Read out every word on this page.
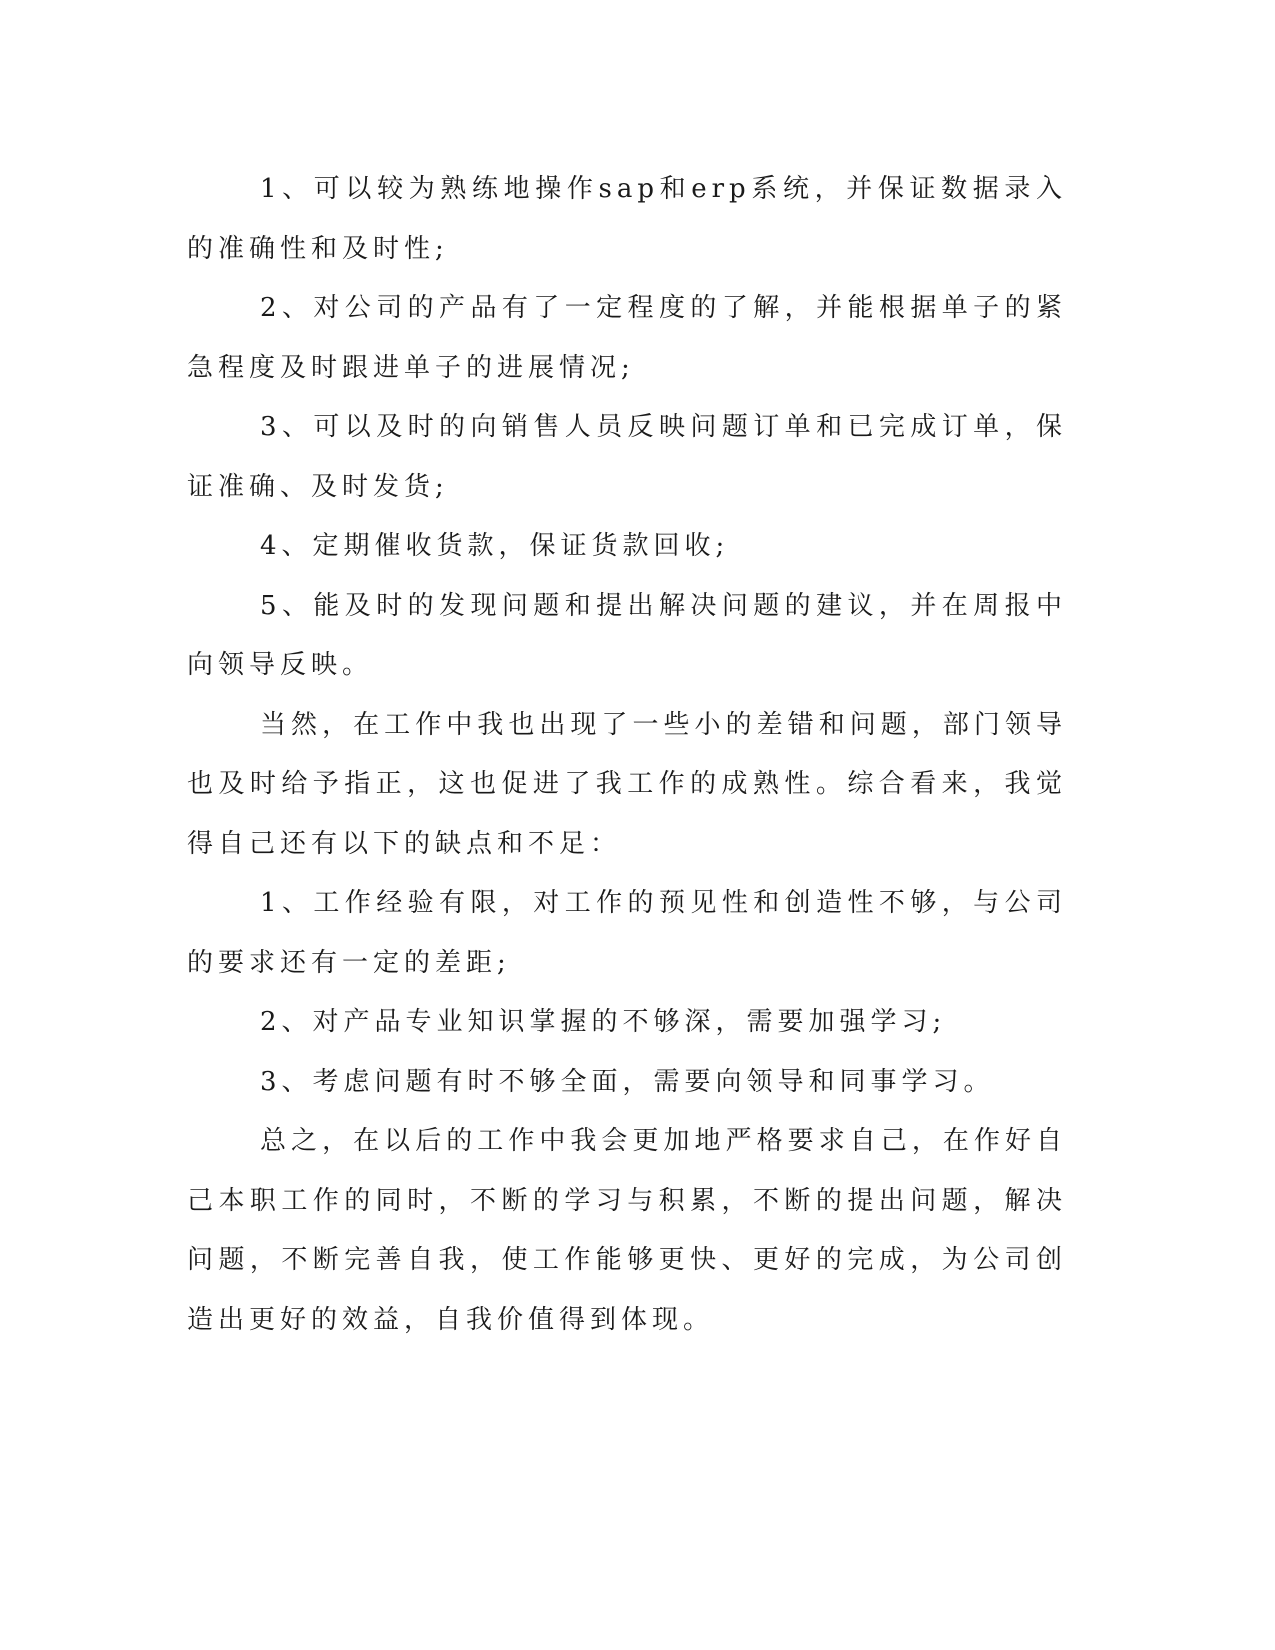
1、可以较为熟练地操作sap和erp系统，并保证数据录入的准确性和及时性;

2、对公司的产品有了一定程度的了解，并能根据单子的紧急程度及时跟进单子的进展情况;

3、可以及时的向销售人员反映问题订单和已完成订单，保证准确、及时发货;

4、定期催收货款，保证货款回收;

5、能及时的发现问题和提出解决问题的建议，并在周报中向领导反映。

当然，在工作中我也出现了一些小的差错和问题，部门领导也及时给予指正，这也促进了我工作的成熟性。综合看来，我觉得自己还有以下的缺点和不足：

1、工作经验有限，对工作的预见性和创造性不够，与公司的要求还有一定的差距;

2、对产品专业知识掌握的不够深，需要加强学习;

3、考虑问题有时不够全面，需要向领导和同事学习。

总之，在以后的工作中我会更加地严格要求自己，在作好自己本职工作的同时，不断的学习与积累，不断的提出问题，解决问题，不断完善自我，使工作能够更快、更好的完成，为公司创造出更好的效益，自我价值得到体现。
